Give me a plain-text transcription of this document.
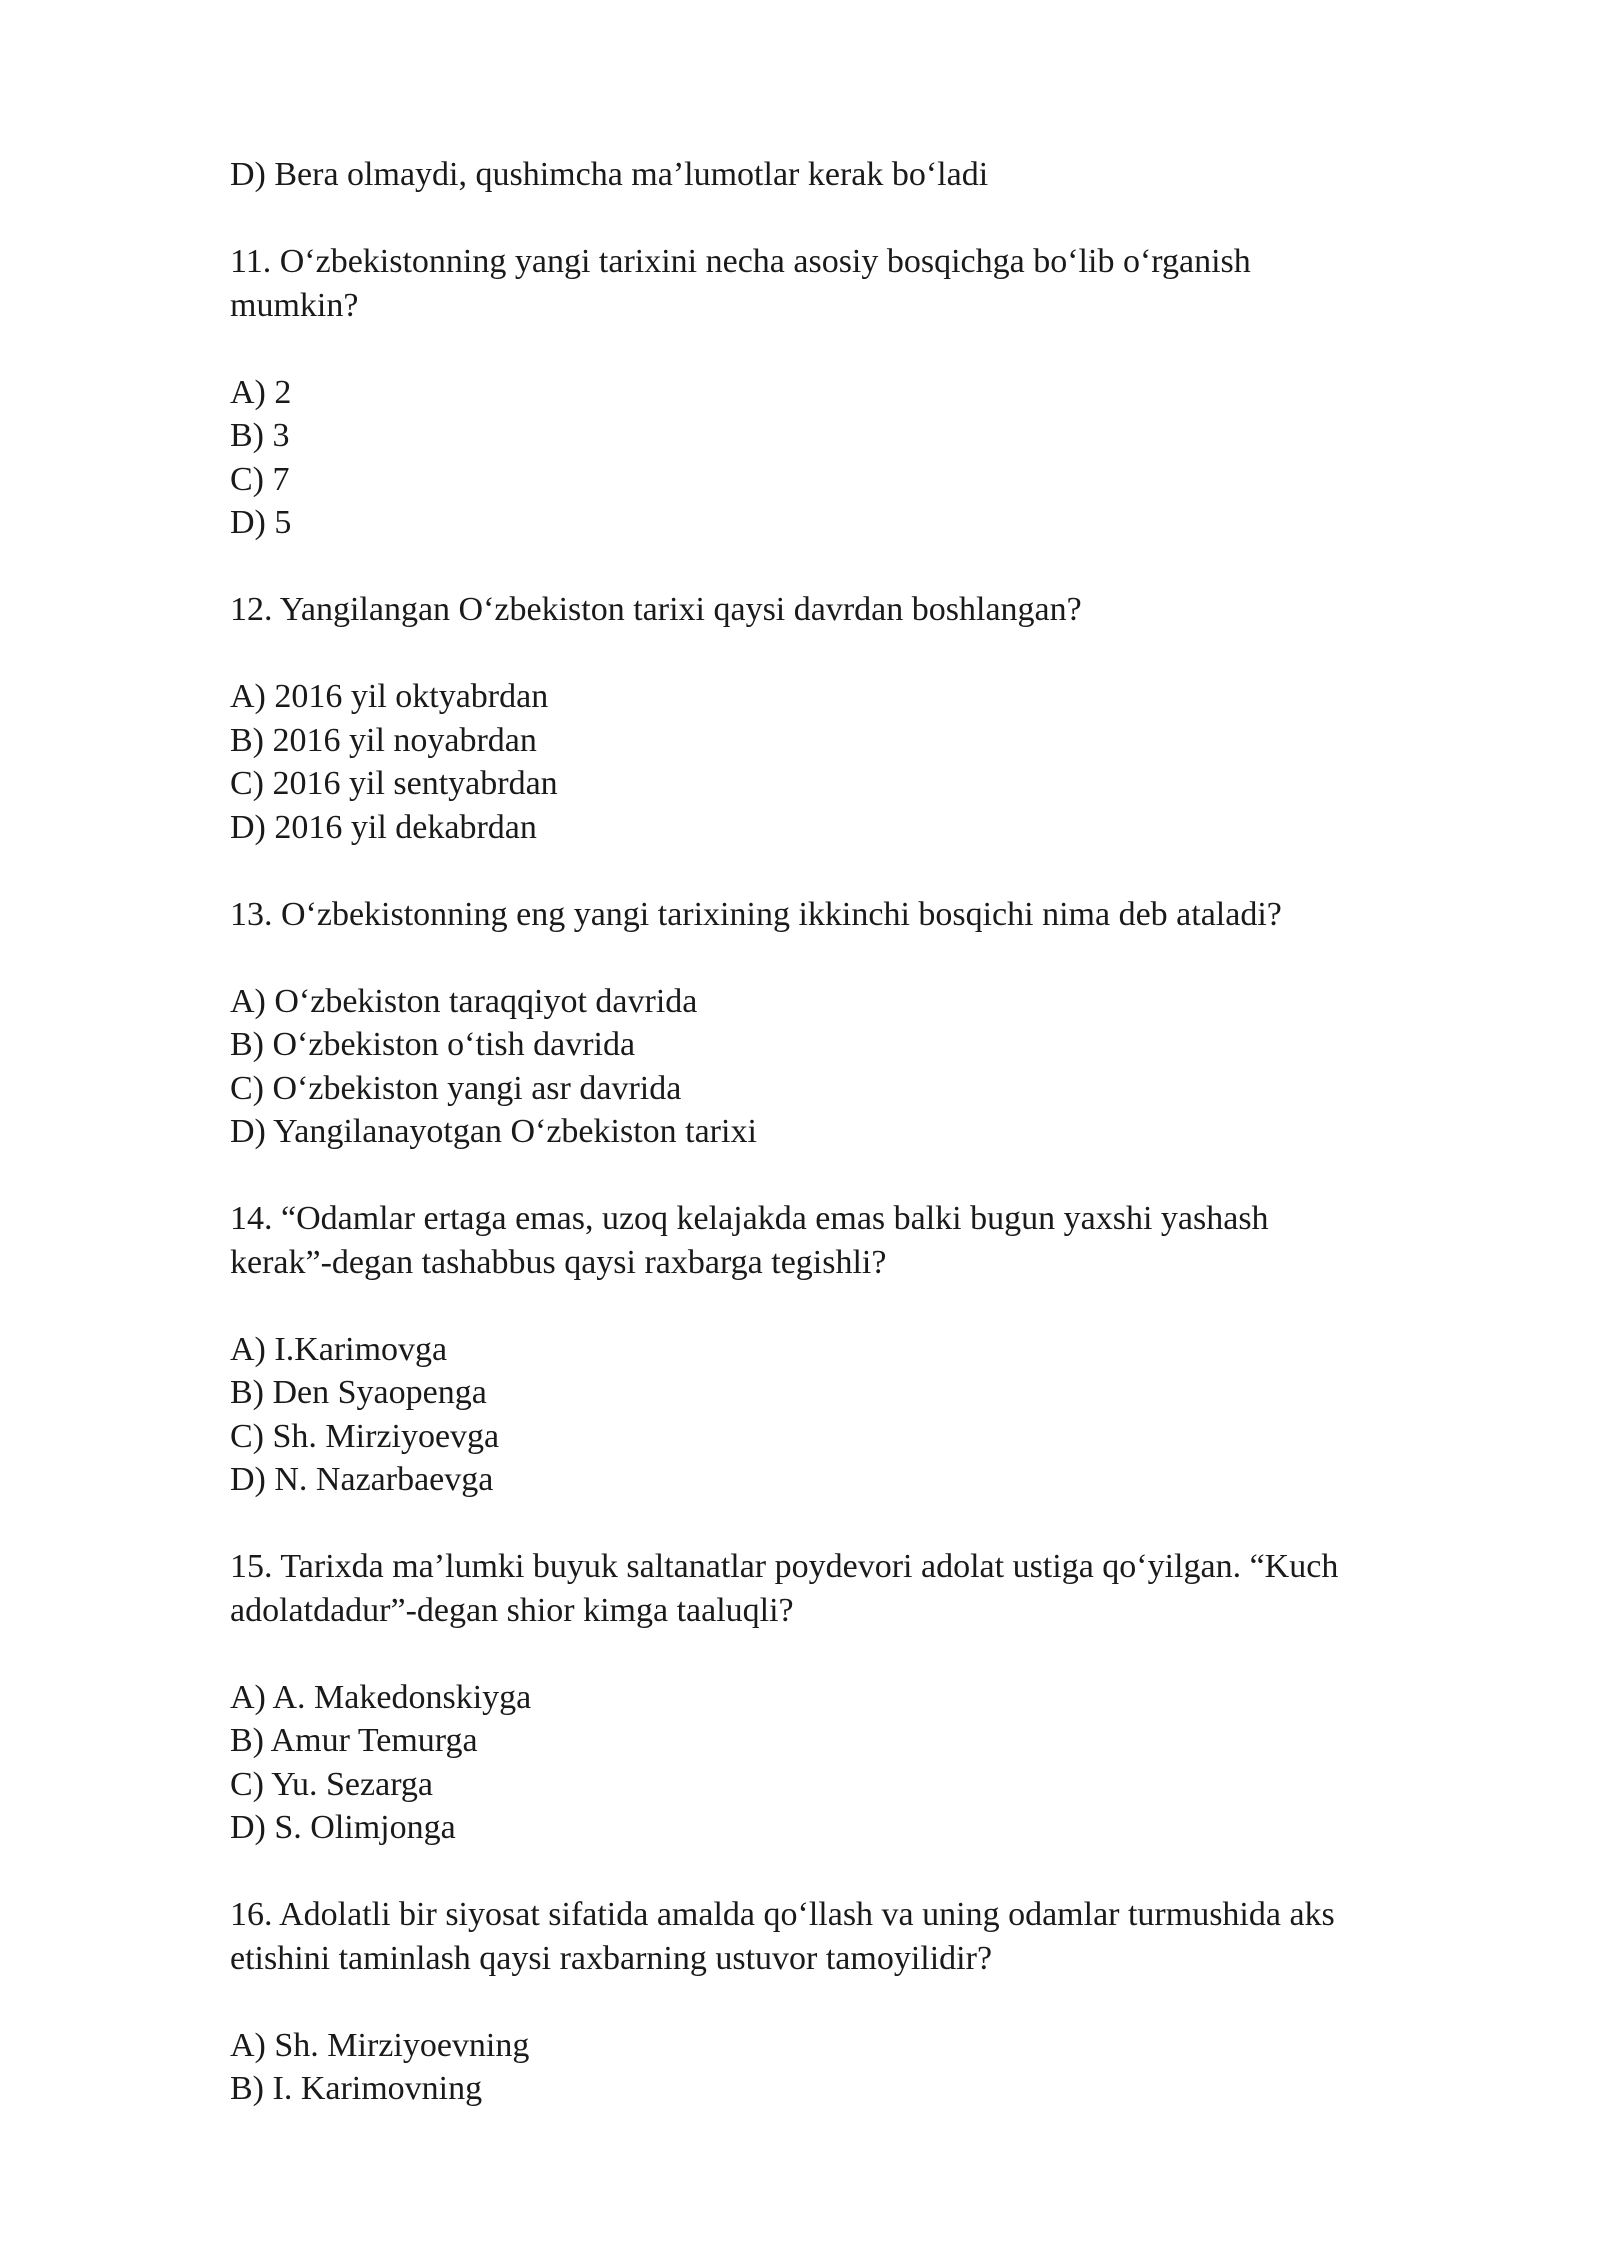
D) Bera olmaydi, qushimcha ma’lumotlar kerak bo‘ladi

11. O‘zbekistonning yangi tarixini necha asosiy bosqichga bo‘lib o‘rganish

mumkin?

A) 2

B) 3

C) 7

D) 5

12. Yangilangan O‘zbekiston tarixi qaysi davrdan boshlangan?

A) 2016 yil oktyabrdan

B) 2016 yil noyabrdan

C) 2016 yil sentyabrdan

D) 2016 yil dekabrdan

13. O‘zbekistonning eng yangi tarixining ikkinchi bosqichi nima deb ataladi?

A) O‘zbekiston taraqqiyot davrida

B) O‘zbekiston o‘tish davrida

C) O‘zbekiston yangi asr davrida

D) Yangilanayotgan O‘zbekiston tarixi

14. “Odamlar ertaga emas, uzoq kelajakda emas balki bugun yaxshi yashash

kerak”-degan tashabbus qaysi raxbarga tegishli?

A) I.Karimovga

B) Den Syaopenga

C) Sh. Mirziyoevga

D) N. Nazarbaevga

15. Tarixda ma’lumki buyuk saltanatlar poydevori adolat ustiga qo‘yilgan. “Kuch

adolatdadur”-degan shior kimga taaluqli?

A) A. Makedonskiyga

B) Amur Temurga

C) Yu. Sezarga

D) S. Olimjonga

16. Adolatli bir siyosat sifatida amalda qo‘llash va uning odamlar turmushida aks

etishini taminlash qaysi raxbarning ustuvor tamoyilidir?

A) Sh. Mirziyoevning

B) I. Karimovning
